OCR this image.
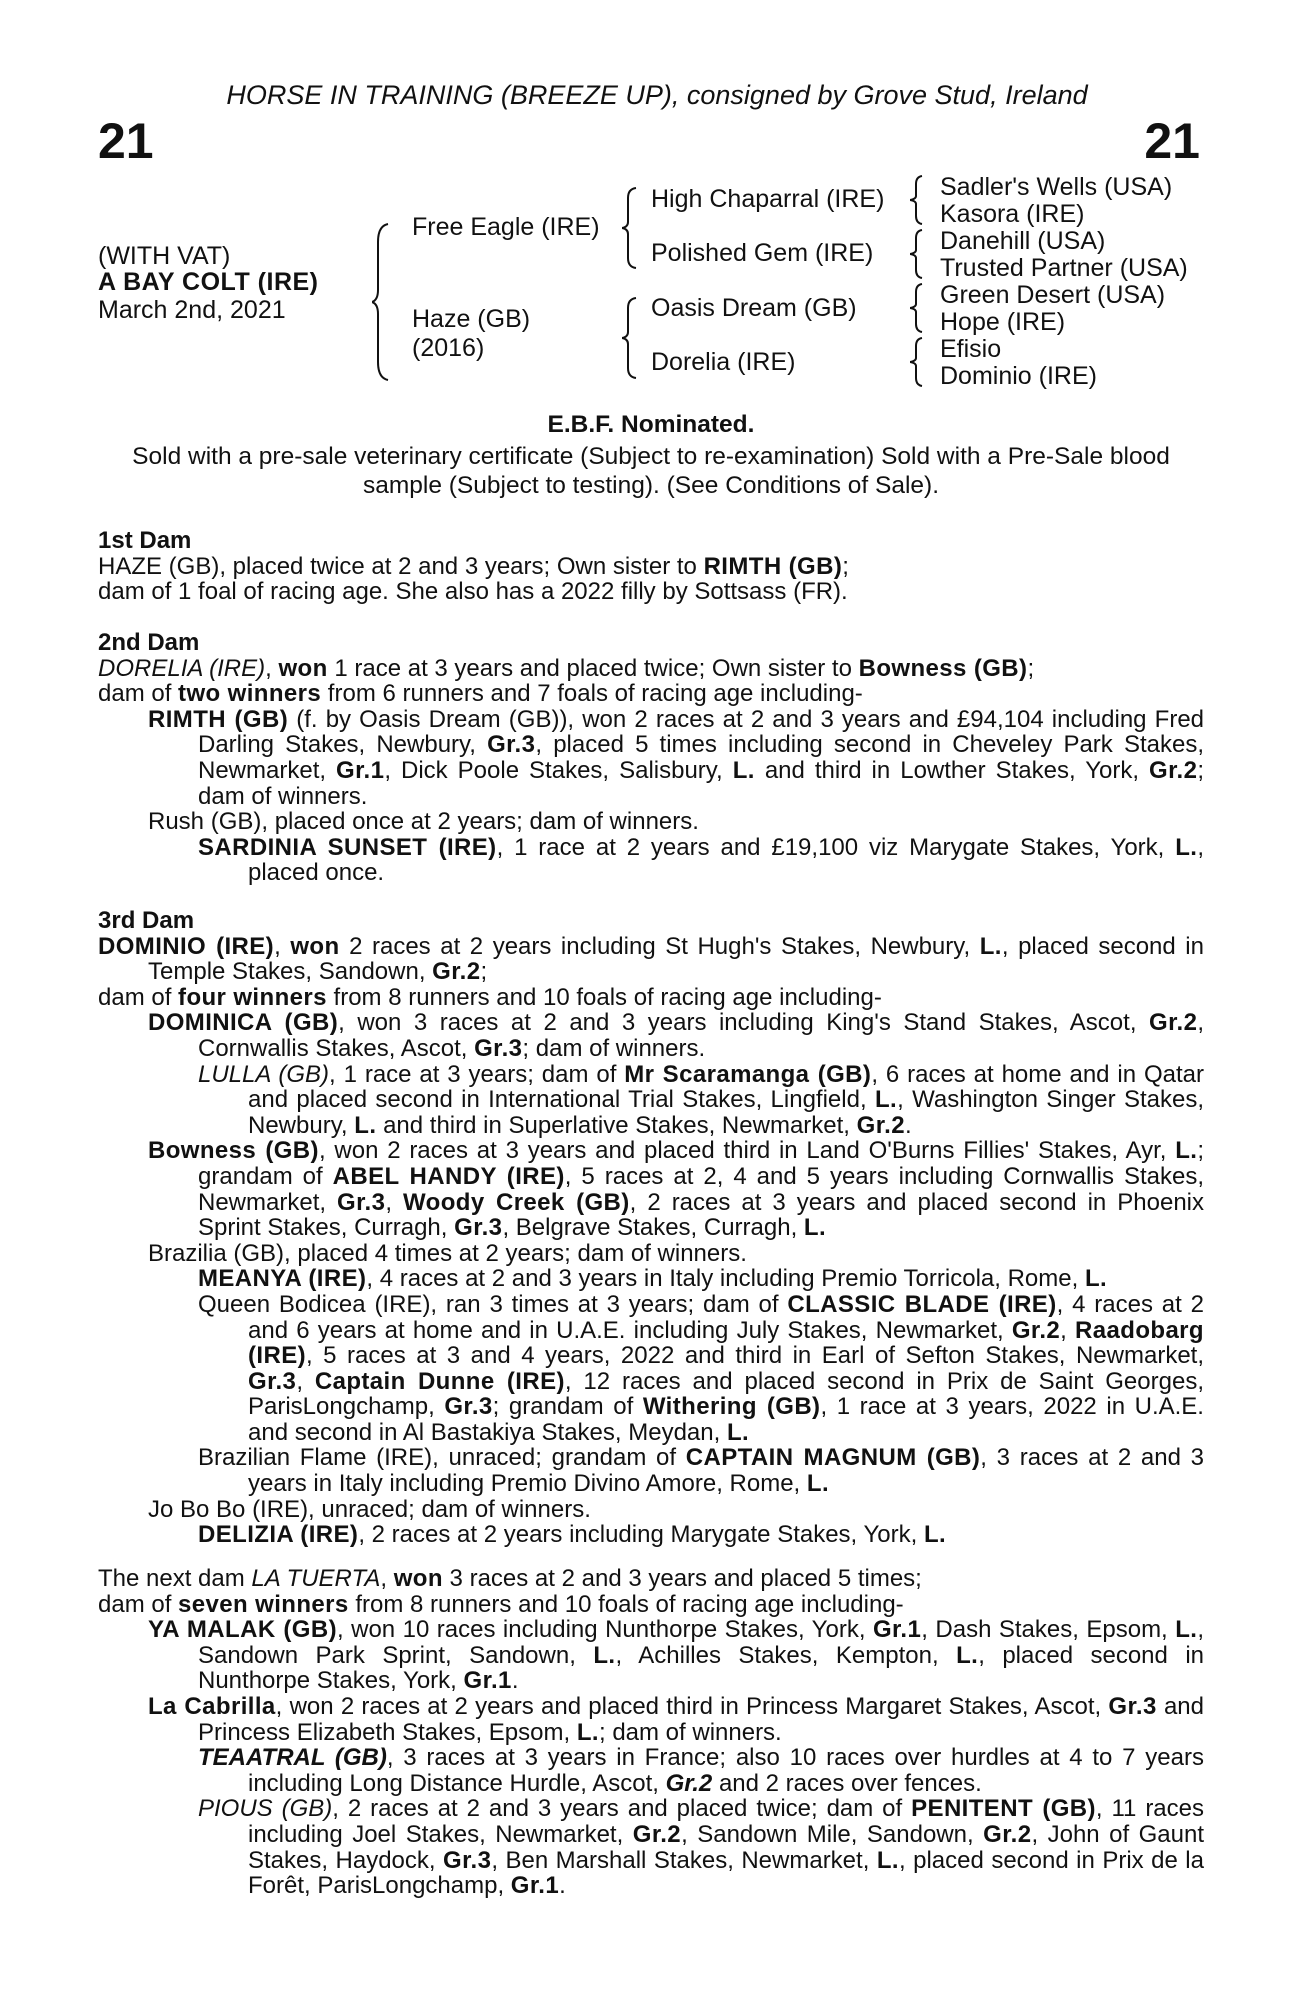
HORSE IN TRAINING (BREEZE UP), consigned by Grove Stud, Ireland
21	21
(WITH VAT)
A BAY COLT (IRE)
March 2nd, 2021
Free Eagle (IRE)
Haze (GB)
(2016)
High Chaparral (IRE)
Polished Gem (IRE)
Oasis Dream (GB)
Dorelia (IRE)
Sadler's Wells (USA)
Kasora (IRE)
Danehill (USA)
Trusted Partner (USA)
Green Desert (USA)
Hope (IRE)
Efisio
Dominio (IRE)
E.B.F. Nominated.
Sold with a pre-sale veterinary certificate (Subject to re-examination) Sold with a Pre-Sale blood
sample (Subject to testing). (See Conditions of Sale).
1st Dam
HAZE (GB), placed twice at 2 and 3 years; Own sister to RIMTH (GB);
dam of 1 foal of racing age. She also has a 2022 filly by Sottsass (FR).
2nd Dam
DORELIA (IRE), won 1 race at 3 years and placed twice; Own sister to Bowness (GB);
dam of two winners from 6 runners and 7 foals of racing age including-
RIMTH (GB) (f. by Oasis Dream (GB)), won 2 races at 2 and 3 years and £94,104 including Fred Darling Stakes, Newbury, Gr.3, placed 5 times including second in Cheveley Park Stakes, Newmarket, Gr.1, Dick Poole Stakes, Salisbury, L. and third in Lowther Stakes, York, Gr.2; dam of winners.
Rush (GB), placed once at 2 years; dam of winners.
SARDINIA SUNSET (IRE), 1 race at 2 years and £19,100 viz Marygate Stakes, York, L., placed once.
3rd Dam
DOMINIO (IRE), won 2 races at 2 years including St Hugh's Stakes, Newbury, L., placed second in Temple Stakes, Sandown, Gr.2;
dam of four winners from 8 runners and 10 foals of racing age including-
DOMINICA (GB), won 3 races at 2 and 3 years including King's Stand Stakes, Ascot, Gr.2, Cornwallis Stakes, Ascot, Gr.3; dam of winners.
LULLA (GB), 1 race at 3 years; dam of Mr Scaramanga (GB), 6 races at home and in Qatar and placed second in International Trial Stakes, Lingfield, L., Washington Singer Stakes, Newbury, L. and third in Superlative Stakes, Newmarket, Gr.2.
Bowness (GB), won 2 races at 3 years and placed third in Land O'Burns Fillies' Stakes, Ayr, L.; grandam of ABEL HANDY (IRE), 5 races at 2, 4 and 5 years including Cornwallis Stakes, Newmarket, Gr.3, Woody Creek (GB), 2 races at 3 years and placed second in Phoenix Sprint Stakes, Curragh, Gr.3, Belgrave Stakes, Curragh, L.
Brazilia (GB), placed 4 times at 2 years; dam of winners.
MEANYA (IRE), 4 races at 2 and 3 years in Italy including Premio Torricola, Rome, L.
Queen Bodicea (IRE), ran 3 times at 3 years; dam of CLASSIC BLADE (IRE), 4 races at 2 and 6 years at home and in U.A.E. including July Stakes, Newmarket, Gr.2, Raadobarg (IRE), 5 races at 3 and 4 years, 2022 and third in Earl of Sefton Stakes, Newmarket, Gr.3, Captain Dunne (IRE), 12 races and placed second in Prix de Saint Georges, ParisLongchamp, Gr.3; grandam of Withering (GB), 1 race at 3 years, 2022 in U.A.E. and second in Al Bastakiya Stakes, Meydan, L.
Brazilian Flame (IRE), unraced; grandam of CAPTAIN MAGNUM (GB), 3 races at 2 and 3 years in Italy including Premio Divino Amore, Rome, L.
Jo Bo Bo (IRE), unraced; dam of winners.
DELIZIA (IRE), 2 races at 2 years including Marygate Stakes, York, L.
The next dam LA TUERTA, won 3 races at 2 and 3 years and placed 5 times;
dam of seven winners from 8 runners and 10 foals of racing age including-
YA MALAK (GB), won 10 races including Nunthorpe Stakes, York, Gr.1, Dash Stakes, Epsom, L., Sandown Park Sprint, Sandown, L., Achilles Stakes, Kempton, L., placed second in Nunthorpe Stakes, York, Gr.1.
La Cabrilla, won 2 races at 2 years and placed third in Princess Margaret Stakes, Ascot, Gr.3 and Princess Elizabeth Stakes, Epsom, L.; dam of winners.
TEAATRAL (GB), 3 races at 3 years in France; also 10 races over hurdles at 4 to 7 years including Long Distance Hurdle, Ascot, Gr.2 and 2 races over fences.
PIOUS (GB), 2 races at 2 and 3 years and placed twice; dam of PENITENT (GB), 11 races including Joel Stakes, Newmarket, Gr.2, Sandown Mile, Sandown, Gr.2, John of Gaunt Stakes, Haydock, Gr.3, Ben Marshall Stakes, Newmarket, L., placed second in Prix de la Forêt, ParisLongchamp, Gr.1.
